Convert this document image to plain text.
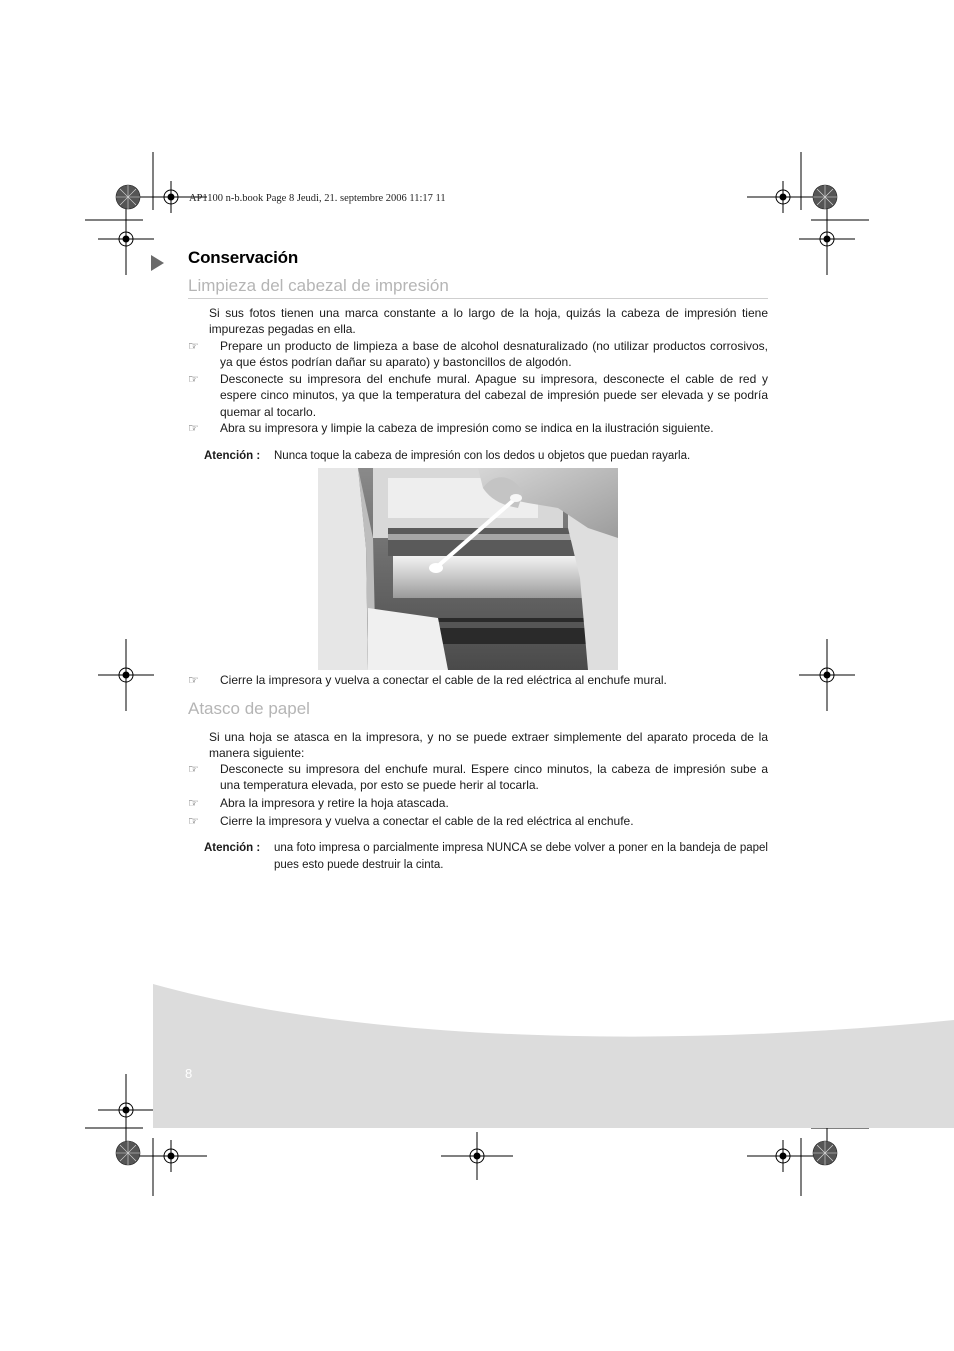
AP1100 n-b.book Page 8 Jeudi, 21. septembre 2006 11:17 11
Conservación
Limpieza del cabezal de impresión
Si sus fotos tienen una marca constante a lo largo de la hoja, quizás la cabeza de impresión tiene impurezas pegadas en ella.
☞	Prepare un producto de limpieza a base de alcohol desnaturalizado (no utilizar productos corrosivos, ya que éstos podrían dañar su aparato) y bastoncillos de algodón.
☞	Desconecte su impresora del enchufe mural. Apague su impresora, desconecte el cable de red y espere cinco minutos, ya que la temperatura del cabezal de impresión puede ser elevada y se podría quemar al tocarlo.
☞	Abra su impresora y limpie la cabeza de impresión como se indica en la ilustración siguiente.
Atención : Nunca toque la cabeza de impresión con los dedos u objetos que puedan rayarla.
☞	Cierre la impresora y vuelva a conectar el cable de la red eléctrica al enchufe mural.
Atasco de papel
Si una hoja se atasca en la impresora, y no se puede extraer simplemente del aparato proceda de la manera siguiente:
☞	Desconecte su impresora del enchufe mural. Espere cinco minutos, la cabeza de impresión sube a una temperatura elevada, por esto se puede herir al tocarla.
☞	Abra la impresora y retire la hoja atascada.
☞	Cierre la impresora y vuelva a conectar el cable de la red eléctrica al enchufe.
Atención : una foto impresa o parcialmente impresa NUNCA se debe volver a poner en la bandeja de papel pues esto puede destruir la cinta.
8
